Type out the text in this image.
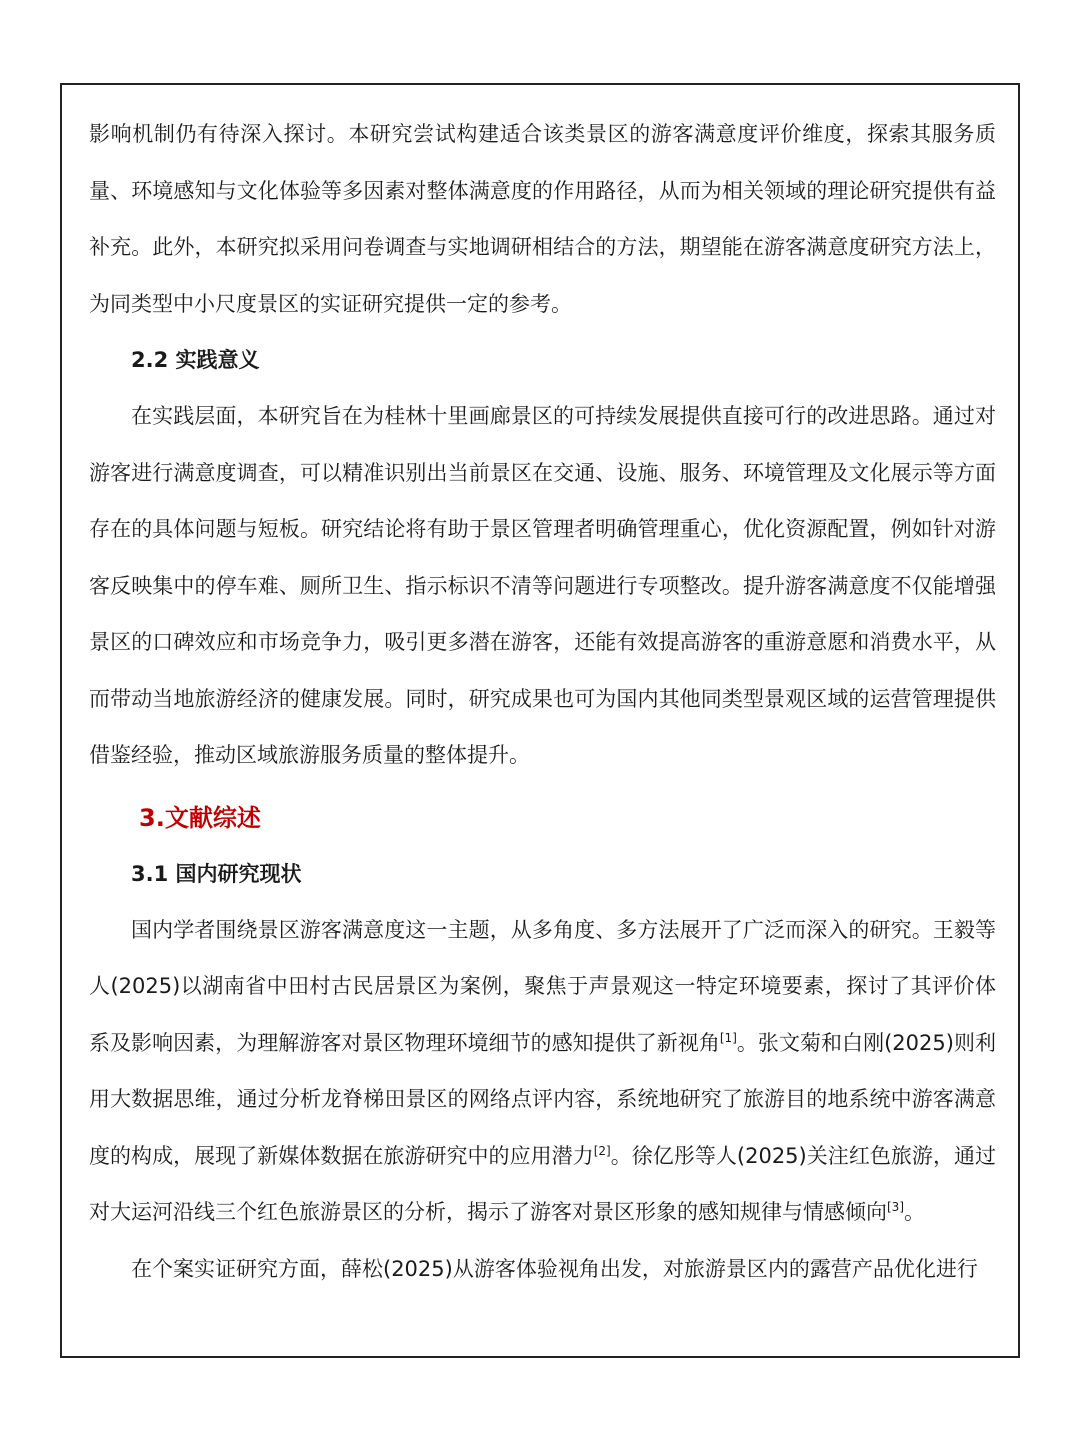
影响机制仍有待深入探讨。本研究尝试构建适合该类景区的游客满意度评价维度，探索其服务质量、环境感知与文化体验等多因素对整体满意度的作用路径，从而为相关领域的理论研究提供有益补充。此外，本研究拟采用问卷调查与实地调研相结合的方法，期望能在游客满意度研究方法上，为同类型中小尺度景区的实证研究提供一定的参考。

2.2 实践意义

在实践层面，本研究旨在为桂林十里画廊景区的可持续发展提供直接可行的改进思路。通过对游客进行满意度调查，可以精准识别出当前景区在交通、设施、服务、环境管理及文化展示等方面存在的具体问题与短板。研究结论将有助于景区管理者明确管理重心，优化资源配置，例如针对游客反映集中的停车难、厕所卫生、指示标识不清等问题进行专项整改。提升游客满意度不仅能增强景区的口碑效应和市场竞争力，吸引更多潜在游客，还能有效提高游客的重游意愿和消费水平，从而带动当地旅游经济的健康发展。同时，研究成果也可为国内其他同类型景观区域的运营管理提供借鉴经验，推动区域旅游服务质量的整体提升。

3.文献综述
3.1 国内研究现状

国内学者围绕景区游客满意度这一主题，从多角度、多方法展开了广泛而深入的研究。王毅等人(2025)以湖南省中田村古民居景区为案例，聚焦于声景观这一特定环境要素，探讨了其评价体系及影响因素，为理解游客对景区物理环境细节的感知提供了新视角[1]。张文菊和白刚(2025)则利用大数据思维，通过分析龙脊梯田景区的网络点评内容，系统地研究了旅游目的地系统中游客满意度的构成，展现了新媒体数据在旅游研究中的应用潜力[2]。徐亿彤等人(2025)关注红色旅游，通过对大运河沿线三个红色旅游景区的分析，揭示了游客对景区形象的感知规律与情感倾向[3]。

在个案实证研究方面，薛松(2025)从游客体验视角出发，对旅游景区内的露营产品优化进行
